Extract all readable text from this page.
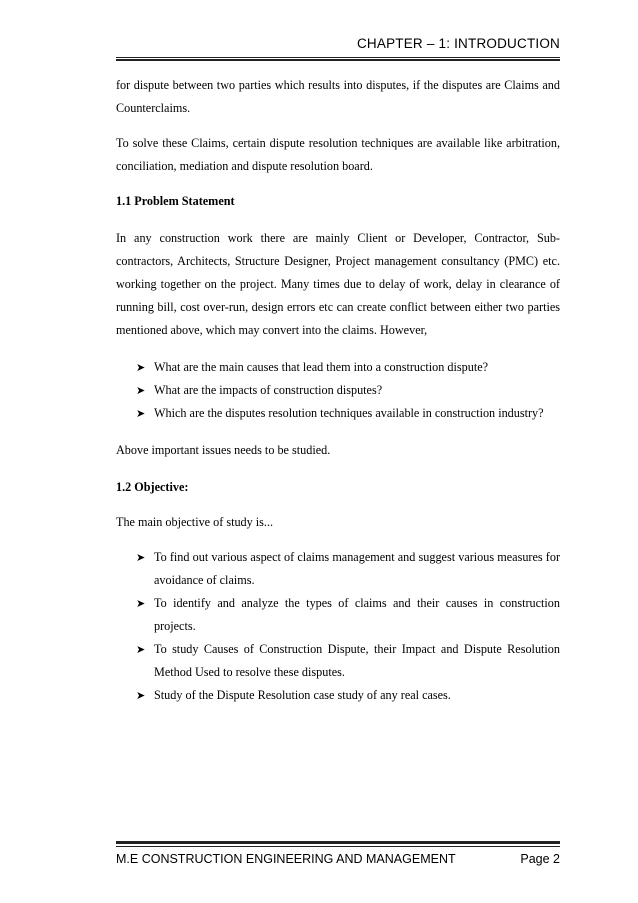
CHAPTER – 1: INTRODUCTION

for dispute between two parties which results into disputes, if the disputes are Claims and Counterclaims.

To solve these Claims, certain dispute resolution techniques are available like arbitration, conciliation, mediation and dispute resolution board.

1.1 Problem Statement

In any construction work there are mainly Client or Developer, Contractor, Sub-contractors, Architects, Structure Designer, Project management consultancy (PMC) etc. working together on the project. Many times due to delay of work, delay in clearance of running bill, cost over-run, design errors etc can create conflict between either two parties mentioned above, which may convert into the claims. However,

➤ What are the main causes that lead them into a construction dispute?
➤ What are the impacts of construction disputes?
➤ Which are the disputes resolution techniques available in construction industry?

Above important issues needs to be studied.

1.2 Objective:

The main objective of study is...

➤ To find out various aspect of claims management and suggest various measures for avoidance of claims.
➤ To identify and analyze the types of claims and their causes in construction projects.
➤ To study Causes of Construction Dispute, their Impact and Dispute Resolution Method Used to resolve these disputes.
➤ Study of the Dispute Resolution case study of any real cases.
M.E CONSTRUCTION ENGINEERING AND MANAGEMENT	Page 2
